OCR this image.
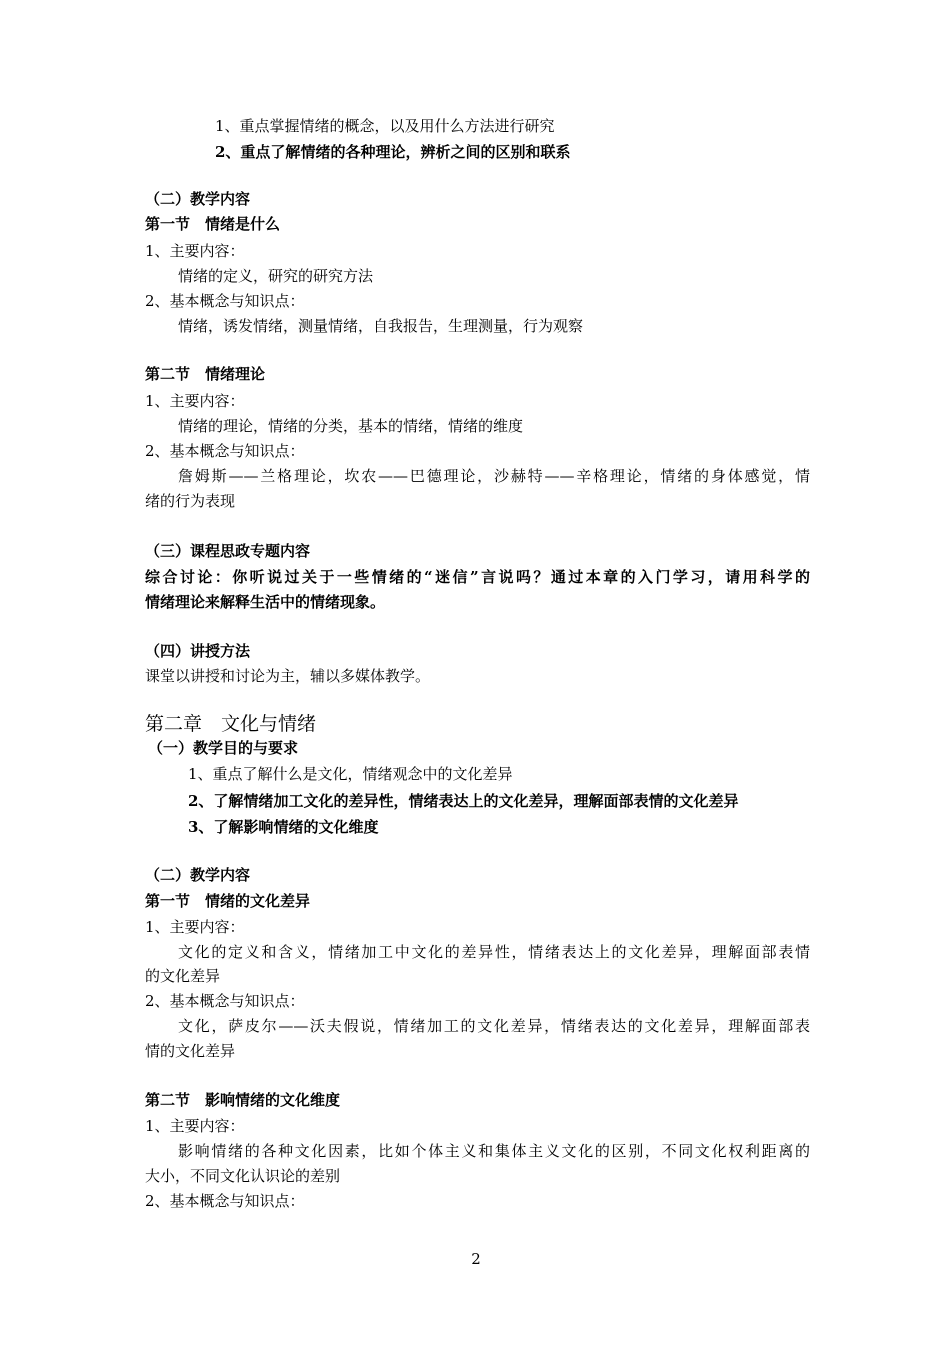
1、重点掌握情绪的概念，以及用什么方法进行研究
2、重点了解情绪的各种理论，辨析之间的区别和联系
（二）教学内容
第一节　情绪是什么
1、主要内容：
情绪的定义，研究的研究方法
2、基本概念与知识点：
情绪，诱发情绪，测量情绪，自我报告，生理测量，行为观察
第二节　情绪理论
1、主要内容：
情绪的理论，情绪的分类，基本的情绪，情绪的维度
2、基本概念与知识点：
詹姆斯——兰格理论，坎农——巴德理论，沙赫特——辛格理论，情绪的身体感觉，情
绪的行为表现
（三）课程思政专题内容
综合讨论：你听说过关于一些情绪的“迷信”言说吗？通过本章的入门学习，请用科学的
情绪理论来解释生活中的情绪现象。
（四）讲授方法
课堂以讲授和讨论为主，辅以多媒体教学。
第二章　文化与情绪
（一）教学目的与要求
1、重点了解什么是文化，情绪观念中的文化差异
2、了解情绪加工文化的差异性，情绪表达上的文化差异，理解面部表情的文化差异
3、了解影响情绪的文化维度
（二）教学内容
第一节　情绪的文化差异
1、主要内容：
文化的定义和含义，情绪加工中文化的差异性，情绪表达上的文化差异，理解面部表情
的文化差异
2、基本概念与知识点：
文化，萨皮尔——沃夫假说，情绪加工的文化差异，情绪表达的文化差异，理解面部表
情的文化差异
第二节　影响情绪的文化维度
1、主要内容：
影响情绪的各种文化因素，比如个体主义和集体主义文化的区别，不同文化权利距离的
大小，不同文化认识论的差别
2、基本概念与知识点：
2
